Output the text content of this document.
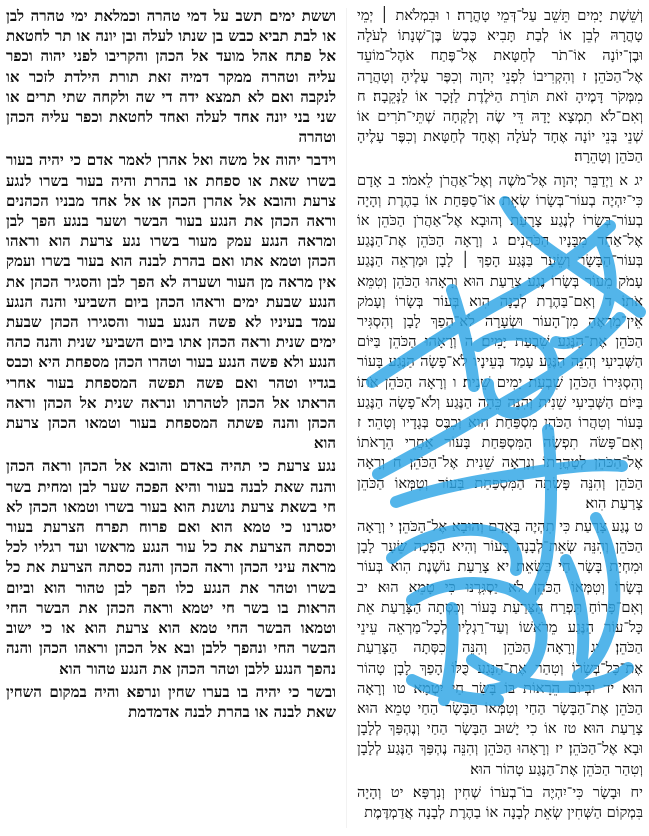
וששת ימים תשב על דמי טהרה וכמלאת ימי טהרה לבן או לבת תביא כבש בן שנתו לעלה ובן יונה או תר לחטאת אל פתח אהל מועד אל הכהן והקריבו לפני יהוה וכפר עליה וטהרה ממקר דמיה זאת תורת הילדת לזכר או לנקבה ואם לא תמצא ידה די שה ולקחה שתי תרים או שני בני יונה אחד לעלה ואחד לחטאת וכפר עליה הכהן וטהרה

וידבר יהוה אל משה ואל אהרן לאמר אדם כי יהיה בעור בשרו שאת או ספחת או בהרת והיה בעור בשרו לנגע צרעת והובא אל אהרן הכהן או אל אחד מבניו הכהנים וראה הכהן את הנגע בעור הבשר ושער בנגע הפך לבן ומראה הנגע עמק מעור בשרו נגע צרעת הוא וראהו הכהן וטמא אתו ואם בהרת לבנה הוא בעור בשרו ועמק אין מראה מן העור ושערה לא הפך לבן והסגיר הכהן את הנגע שבעת ימים וראהו הכהן ביום השביעי והנה הנגע עמד בעיניו לא פשה הנגע בעור והסגירו הכהן שבעת ימים שנית וראה הכהן אתו ביום השביעי שנית והנה כהה הנגע ולא פשה הנגע בעור וטהרו הכהן מספחת היא וכבס בגדיו וטהר ואם פשה תפשה המספחת בעור אחרי הראתו אל הכהן לטהרתו ונראה שנית אל הכהן וראה הכהן והנה פשתה המספחת בעור וטמאו הכהן צרעת הוא

נגע צרעת כי תהיה באדם והובא אל הכהן וראה הכהן והנה שאת לבנה בעור והיא הפכה שער לבן ומחית בשר חי בשאת צרעת נושנת הוא בעור בשרו וטמאו הכהן לא יסגרנו כי טמא הוא ואם פרוח תפרח הצרעת בעור וכסתה הצרעת את כל עור הנגע מראשו ועד רגליו לכל מראה עיני הכהן וראה הכהן והנה כסתה הצרעת את כל בשרו וטהר את הנגע כלו הפך לבן טהור הוא וביום הראות בו בשר חי יטמא וראה הכהן את הבשר החי וטמאו הבשר החי טמא הוא צרעת הוא או כי ישוב הבשר החי ונהפך ללבן ובא אל הכהן וראהו הכהן והנה נהפך הנגע ללבן וטהר הכהן את הנגע טהור הוא

ובשר כי יהיה בו בערו שחין ונרפא והיה במקום השחין שאת לבנה או בהרת לבנה אדמדמת

וְשֵׁשֶׁת יָמִים תֵּשֵׁב עַל־דְּמֵי טָהֳרָה׃ ו וּבִמְלֹאת ׀ יְמֵי טָהֳרָהּ לְבֵן אוֹ לְבַת תָּבִיא כֶּבֶשׂ בֶּן־שְׁנָתוֹ לְעֹלָה וּבֶן־יוֹנָה אוֹ־תֹר לְחַטָּאת אֶל־פֶּתַח אֹהֶל־מוֹעֵד אֶל־הַכֹּהֵן׃ ז וְהִקְרִיבוֹ לִפְנֵי יְהוָה וְכִפֶּר עָלֶיהָ וְטָהֲרָה מִמְּקֹר דָּמֶיהָ זֹאת תּוֹרַת הַיֹּלֶדֶת לַזָּכָר אוֹ לַנְּקֵבָה׃ ח וְאִם־לֹא תִמְצָא יָדָהּ דֵּי שֶׂה וְלָקְחָה שְׁתֵּי־תֹרִים אוֹ שְׁנֵי בְּנֵי יוֹנָה אֶחָד לְעֹלָה וְאֶחָד לְחַטָּאת וְכִפֶּר עָלֶיהָ הַכֹּהֵן וְטָהֵרָה׃

יג א וַיְדַבֵּר יְהוָה אֶל־מֹשֶׁה וְאֶל־אַהֲרֹן לֵאמֹר׃ ב אָדָם כִּי־יִהְיֶה בְעוֹר־בְּשָׂרוֹ שְׂאֵת אוֹ־סַפַּחַת אוֹ בַהֶרֶת וְהָיָה בְעוֹר־בְּשָׂרוֹ לְנֶגַע צָרָעַת וְהוּבָא אֶל־אַהֲרֹן הַכֹּהֵן אוֹ אֶל־אַחַד מִבָּנָיו הַכֹּהֲנִים׃ ג וְרָאָה הַכֹּהֵן אֶת־הַנֶּגַע בְּעוֹר־הַבָּשָׂר וְשֵׂעָר בַּנֶּגַע הָפַךְ ׀ לָבָן וּמַרְאֵה הַנֶּגַע עָמֹק מֵעוֹר בְּשָׂרוֹ נֶגַע צָרַעַת הוּא וְרָאָהוּ הַכֹּהֵן וְטִמֵּא אֹתוֹ׃ ד וְאִם־בַּהֶרֶת לְבָנָה הִוא בְּעוֹר בְּשָׂרוֹ וְעָמֹק אֵין־מַרְאֶהָ מִן־הָעוֹר וּשְׂעָרָה לֹא־הָפַךְ לָבָן וְהִסְגִּיר הַכֹּהֵן אֶת־הַנֶּגַע שִׁבְעַת יָמִים׃ ה וְרָאָהוּ הַכֹּהֵן בַּיּוֹם הַשְּׁבִיעִי וְהִנֵּה הַנֶּגַע עָמַד בְּעֵינָיו לֹא־פָשָׂה הַנֶּגַע בָּעוֹר וְהִסְגִּירוֹ הַכֹּהֵן שִׁבְעַת יָמִים שֵׁנִית׃ ו וְרָאָה הַכֹּהֵן אֹתוֹ בַּיּוֹם הַשְּׁבִיעִי שֵׁנִית וְהִנֵּה כֵּהָה הַנֶּגַע וְלֹא־פָשָׂה הַנֶּגַע בָּעוֹר וְטִהֲרוֹ הַכֹּהֵן מִסְפַּחַת הִוא וְכִבֶּס בְּגָדָיו וְטָהֵר׃ ז וְאִם־פָּשֹׂה תִפְשֶׂה הַמִּסְפַּחַת בָּעוֹר אַחֲרֵי הֵרָאֹתוֹ אֶל־הַכֹּהֵן לְטָהֳרָתוֹ וְנִרְאָה שֵׁנִית אֶל־הַכֹּהֵן׃ ח וְרָאָה הַכֹּהֵן וְהִנֵּה פָּשְׂתָה הַמִּסְפַּחַת בָּעוֹר וְטִמְּאוֹ הַכֹּהֵן צָרַעַת הִוא׃

ט נֶגַע צָרַעַת כִּי תִהְיֶה בְּאָדָם וְהוּבָא אֶל־הַכֹּהֵן׃ י וְרָאָה הַכֹּהֵן וְהִנֵּה שְׂאֵת־לְבָנָה בָּעוֹר וְהִיא הָפְכָה שֵׂעָר לָבָן וּמִחְיַת בָּשָׂר חַי בַּשְׂאֵת׃ יא צָרַעַת נוֹשֶׁנֶת הִוא בְּעוֹר בְּשָׂרוֹ וְטִמְּאוֹ הַכֹּהֵן לֹא יַסְגִּרֶנּוּ כִּי טָמֵא הוּא׃ יב וְאִם־פָּרוֹחַ תִּפְרַח הַצָּרַעַת בָּעוֹר וְכִסְּתָה הַצָּרַעַת אֵת כָּל־עוֹר הַנֶּגַע מֵרֹאשׁוֹ וְעַד־רַגְלָיו לְכָל־מַרְאֵה עֵינֵי הַכֹּהֵן׃ יג וְרָאָה הַכֹּהֵן וְהִנֵּה כִסְּתָה הַצָּרַעַת אֶת־כָּל־בְּשָׂרוֹ וְטִהַר אֶת־הַנָּגַע כֻּלּוֹ הָפַךְ לָבָן טָהוֹר הוּא׃ יד וּבְיוֹם הֵרָאוֹת בּוֹ בָּשָׂר חַי יִטְמָא׃ טו וְרָאָה הַכֹּהֵן אֶת־הַבָּשָׂר הַחַי וְטִמְּאוֹ הַבָּשָׂר הַחַי טָמֵא הוּא צָרַעַת הוּא׃ טז אוֹ כִי יָשׁוּב הַבָּשָׂר הַחַי וְנֶהְפַּךְ לְלָבָן וּבָא אֶל־הַכֹּהֵן׃ יז וְרָאָהוּ הַכֹּהֵן וְהִנֵּה נֶהְפַּךְ הַנֶּגַע לְלָבָן וְטִהַר הַכֹּהֵן אֶת־הַנֶּגַע טָהוֹר הוּא׃

יח וּבָשָׂר כִּי־יִהְיֶה בוֹ־בְעֹרוֹ שְׁחִין וְנִרְפָּא׃ יט וְהָיָה בִּמְקוֹם הַשְּׁחִין שְׂאֵת לְבָנָה אוֹ בַהֶרֶת לְבָנָה אֲדַמְדֶּמֶת
